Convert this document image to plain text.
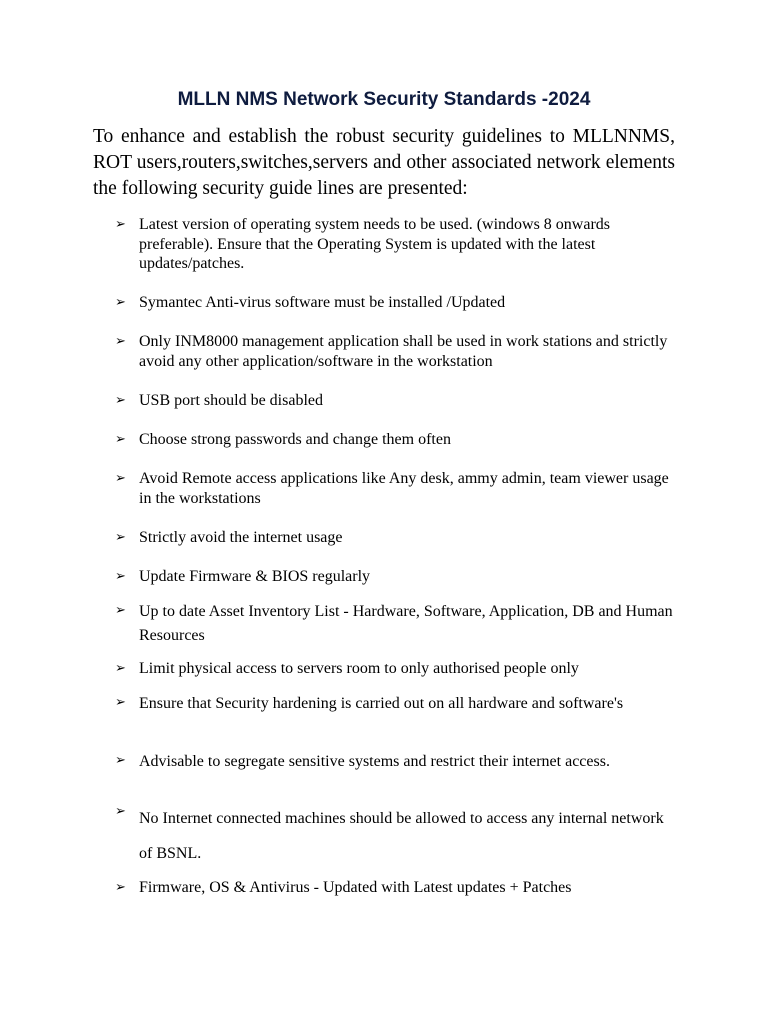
MLLN NMS Network Security Standards -2024
To enhance and establish the robust security guidelines to MLLNNMS, ROT users,routers,switches,servers and other associated network elements the following security guide lines are presented:
➢ Latest version of operating system needs to be used. (windows 8 onwards preferable). Ensure that the Operating System is updated with the latest updates/patches.
➢ Symantec Anti-virus software must be installed /Updated
➢ Only INM8000 management application shall be used in work stations and strictly avoid any other application/software in the workstation
➢ USB port should be disabled
➢ Choose strong passwords and change them often
➢ Avoid Remote access applications like Any desk, ammy admin, team viewer usage in the workstations
➢ Strictly avoid the internet usage
➢ Update Firmware & BIOS regularly
➢ Up to date Asset Inventory List - Hardware, Software, Application, DB and Human Resources
➢ Limit physical access to servers room to only authorised people only
➢ Ensure that Security hardening is carried out on all hardware and software's
➢ Advisable to segregate sensitive systems and restrict their internet access.
➢ No Internet connected machines should be allowed to access any internal network of BSNL.
➢ Firmware, OS & Antivirus - Updated with Latest updates + Patches
